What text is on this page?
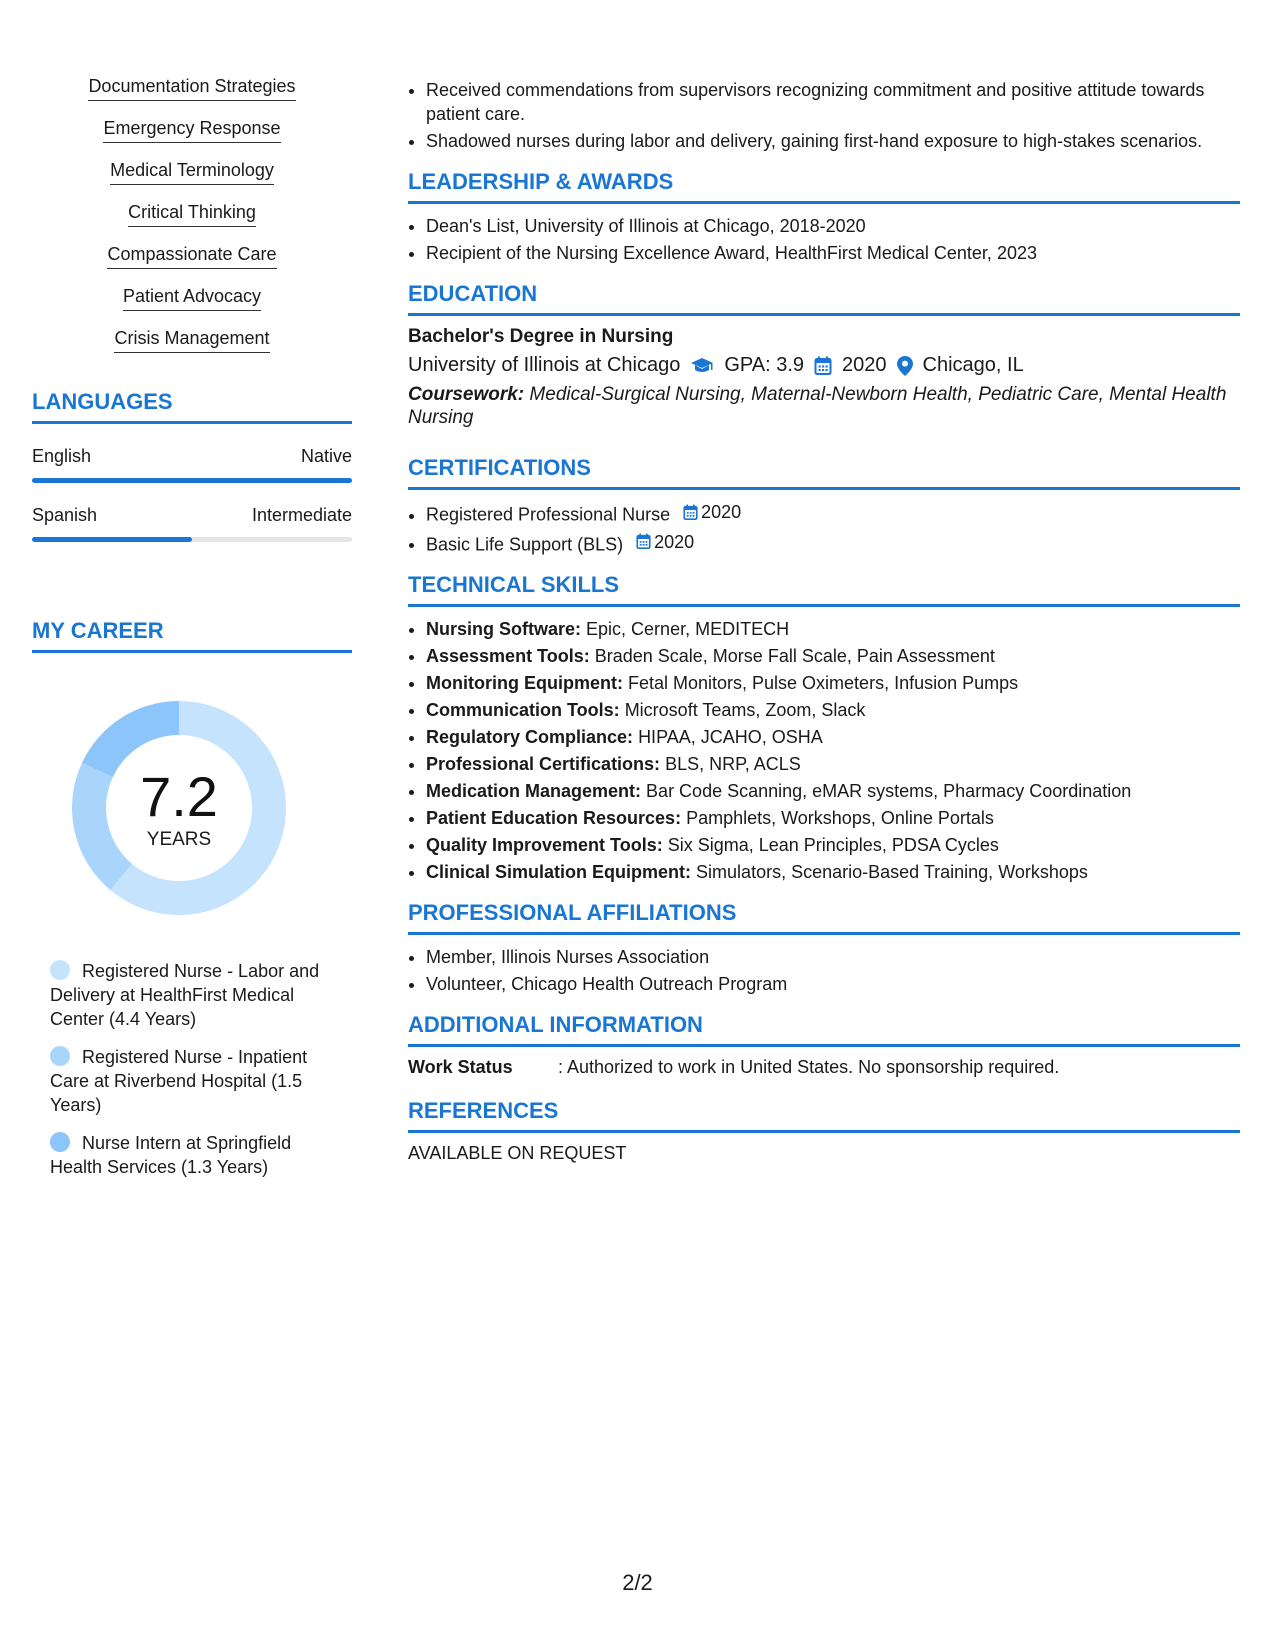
Documentation Strategies
Emergency Response
Medical Terminology
Critical Thinking
Compassionate Care
Patient Advocacy
Crisis Management
LANGUAGES
English	Native
Spanish	Intermediate
MY CAREER
7.2
YEARS
Registered Nurse - Labor and Delivery at HealthFirst Medical Center (4.4 Years)
Registered Nurse - Inpatient Care at Riverbend Hospital (1.5 Years)
Nurse Intern at Springfield Health Services (1.3 Years)
• Received commendations from supervisors recognizing commitment and positive attitude towards patient care.
• Shadowed nurses during labor and delivery, gaining first-hand exposure to high-stakes scenarios.
LEADERSHIP & AWARDS
• Dean's List, University of Illinois at Chicago, 2018-2020
• Recipient of the Nursing Excellence Award, HealthFirst Medical Center, 2023
EDUCATION
Bachelor's Degree in Nursing
University of Illinois at Chicago GPA: 3.9 2020 Chicago, IL
Coursework: Medical-Surgical Nursing, Maternal-Newborn Health, Pediatric Care, Mental Health Nursing
CERTIFICATIONS
• Registered Professional Nurse 2020
• Basic Life Support (BLS) 2020
TECHNICAL SKILLS
• Nursing Software: Epic, Cerner, MEDITECH
• Assessment Tools: Braden Scale, Morse Fall Scale, Pain Assessment
• Monitoring Equipment: Fetal Monitors, Pulse Oximeters, Infusion Pumps
• Communication Tools: Microsoft Teams, Zoom, Slack
• Regulatory Compliance: HIPAA, JCAHO, OSHA
• Professional Certifications: BLS, NRP, ACLS
• Medication Management: Bar Code Scanning, eMAR systems, Pharmacy Coordination
• Patient Education Resources: Pamphlets, Workshops, Online Portals
• Quality Improvement Tools: Six Sigma, Lean Principles, PDSA Cycles
• Clinical Simulation Equipment: Simulators, Scenario-Based Training, Workshops
PROFESSIONAL AFFILIATIONS
• Member, Illinois Nurses Association
• Volunteer, Chicago Health Outreach Program
ADDITIONAL INFORMATION
Work Status	: Authorized to work in United States. No sponsorship required.
REFERENCES
AVAILABLE ON REQUEST
2/2
